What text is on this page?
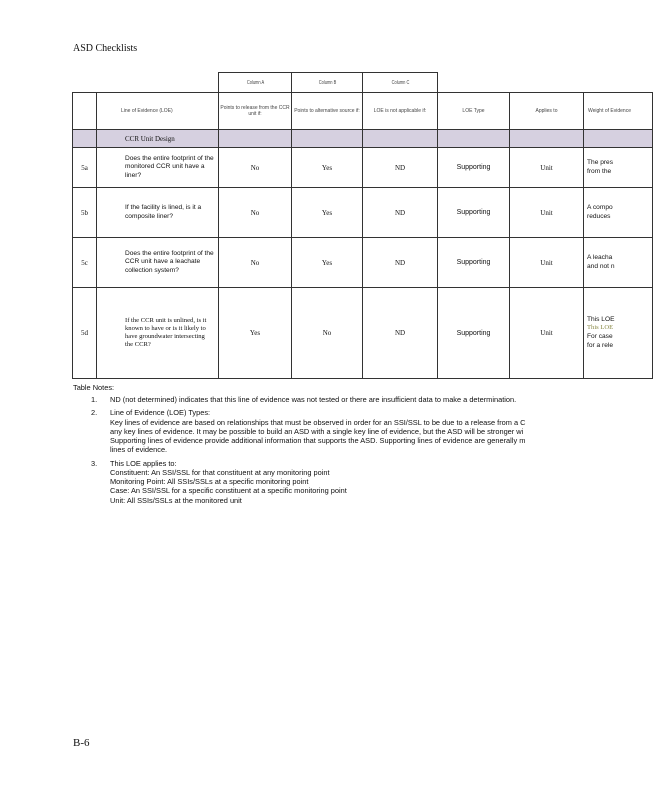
ASD Checklists
		Column A	Column B	Column C			
	Line of Evidence (LOE)	Points to release from the CCR unit if:	Points to alternative source if:	LOE is not applicable if:	LOE Type	Applies to	Weight of Evidence
	CCR Unit Design						
5a	Does the entire footprint of the monitored CCR unit have a liner?	No	Yes	ND	Supporting	Unit	The pres
from the

5b	If the facility is lined, is it a composite liner?	No	Yes	ND	Supporting	Unit	A compo
reduces

5c	Does the entire footprint of the CCR unit have a leachate collection system?	No	Yes	ND	Supporting	Unit	A leacha
and not n

5d	If the CCR unit is unlined, is it known to have or is it likely to have groundwater intersecting the CCR?	Yes	No	ND	Supporting	Unit	This LOE
This LOE
For case
for a rele
Table Notes:
1. ND (not determined) indicates that this line of evidence was not tested or there are insufficient data to make a determination.
2. Line of Evidence (LOE) Types:
Key lines of evidence are based on relationships that must be observed in order for an SSI/SSL to be due to a release from a C
any key lines of evidence. It may be possible to build an ASD with a single key line of evidence, but the ASD will be stronger wi
Supporting lines of evidence provide additional information that supports the ASD. Supporting lines of evidence are generally m
lines of evidence.
3. This LOE applies to:
Constituent: An SSI/SSL for that constituent at any monitoring point
Monitoring Point: All SSIs/SSLs at a specific monitoring point
Case: An SSI/SSL for a specific constituent at a specific monitoring point
Unit: All SSIs/SSLs at the monitored unit
B-6
